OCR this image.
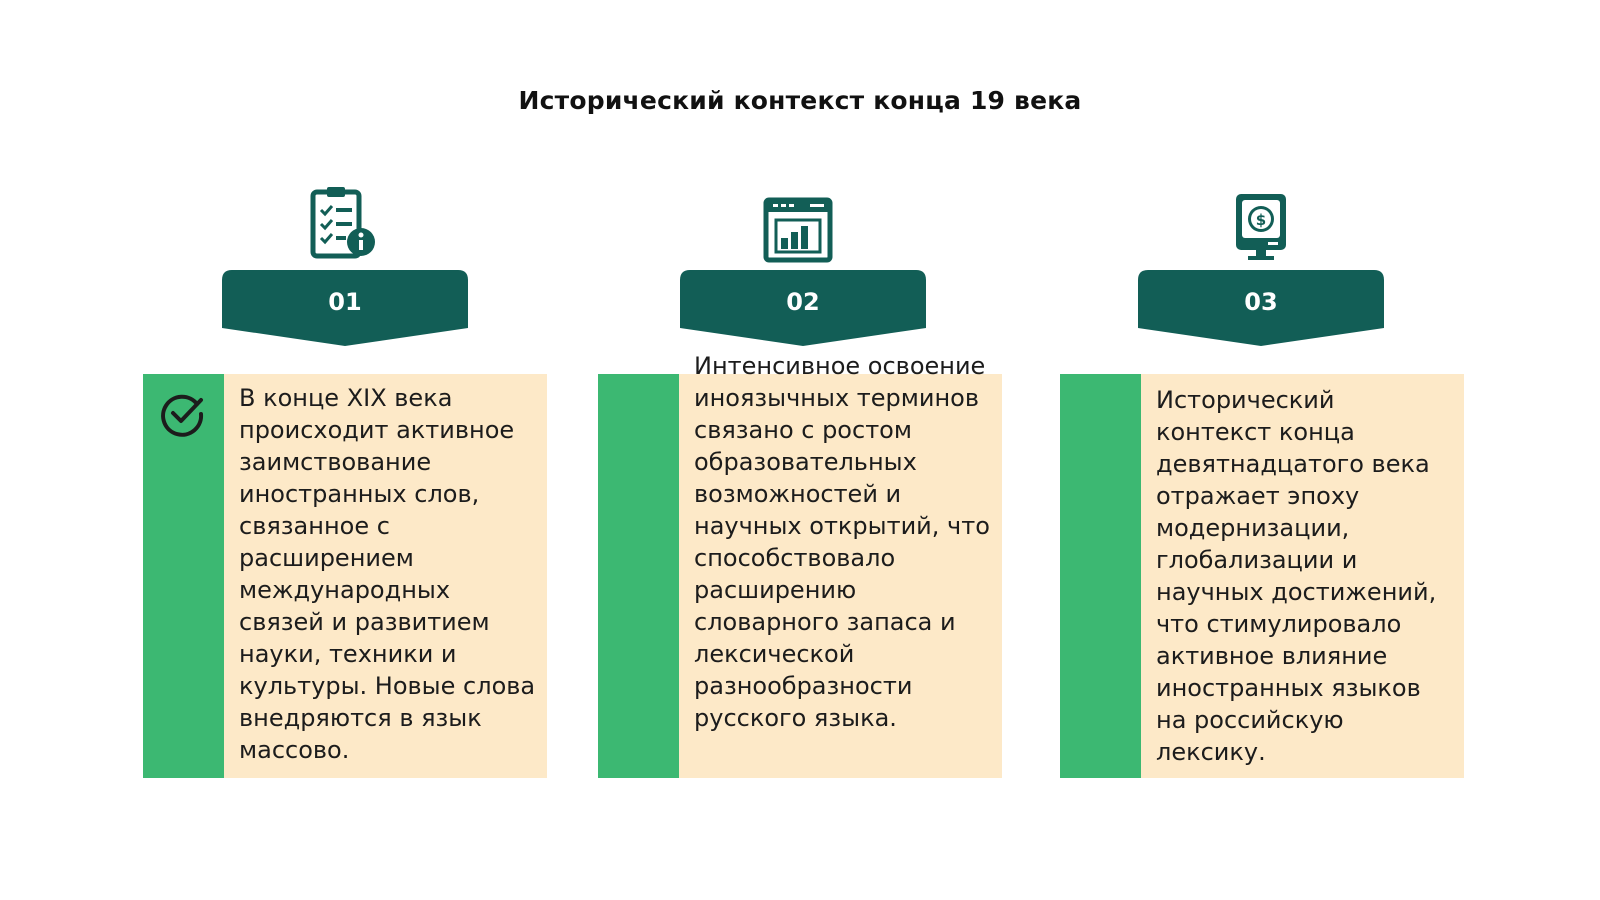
Исторический контекст конца 19 века
$
01	02	03
В конце XIX века происходит активное заимствование иностранных слов, связанное с расширением международных связей и развитием науки, техники и культуры. Новые слова внедряются в язык массово.
Интенсивное освоение иноязычных терминов связано с ростом образовательных возможностей и научных открытий, что способствовало расширению словарного запаса и лексической разнообразности русского языка.
Исторический контекст конца девятнадцатого века отражает эпоху модернизации, глобализации и научных достижений, что стимулировало активное влияние иностранных языков на российскую лексику.
